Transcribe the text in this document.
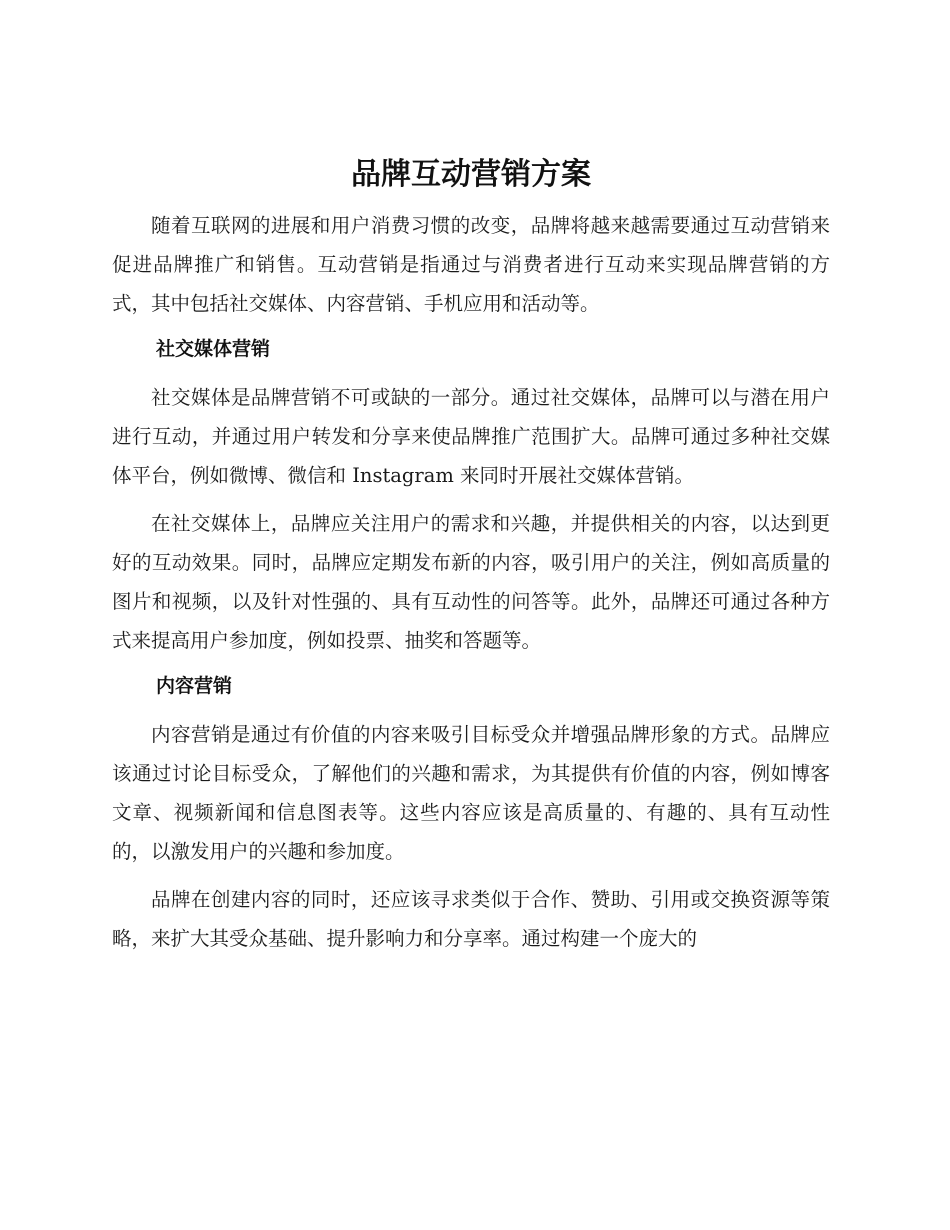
品牌互动营销方案

随着互联网的进展和用户消费习惯的改变，品牌将越来越需要通过互动营销来促进品牌推广和销售。互动营销是指通过与消费者进行互动来实现品牌营销的方式，其中包括社交媒体、内容营销、手机应用和活动等。

社交媒体营销

社交媒体是品牌营销不可或缺的一部分。通过社交媒体，品牌可以与潜在用户进行互动，并通过用户转发和分享来使品牌推广范围扩大。品牌可通过多种社交媒体平台，例如微博、微信和 Instagram 来同时开展社交媒体营销。

在社交媒体上，品牌应关注用户的需求和兴趣，并提供相关的内容，以达到更好的互动效果。同时，品牌应定期发布新的内容，吸引用户的关注，例如高质量的图片和视频，以及针对性强的、具有互动性的问答等。此外，品牌还可通过各种方式来提高用户参加度，例如投票、抽奖和答题等。

内容营销

内容营销是通过有价值的内容来吸引目标受众并增强品牌形象的方式。品牌应该通过讨论目标受众，了解他们的兴趣和需求，为其提供有价值的内容，例如博客文章、视频新闻和信息图表等。这些内容应该是高质量的、有趣的、具有互动性的，以激发用户的兴趣和参加度。

品牌在创建内容的同时，还应该寻求类似于合作、赞助、引用或交换资源等策略，来扩大其受众基础、提升影响力和分享率。通过构建一个庞大的
